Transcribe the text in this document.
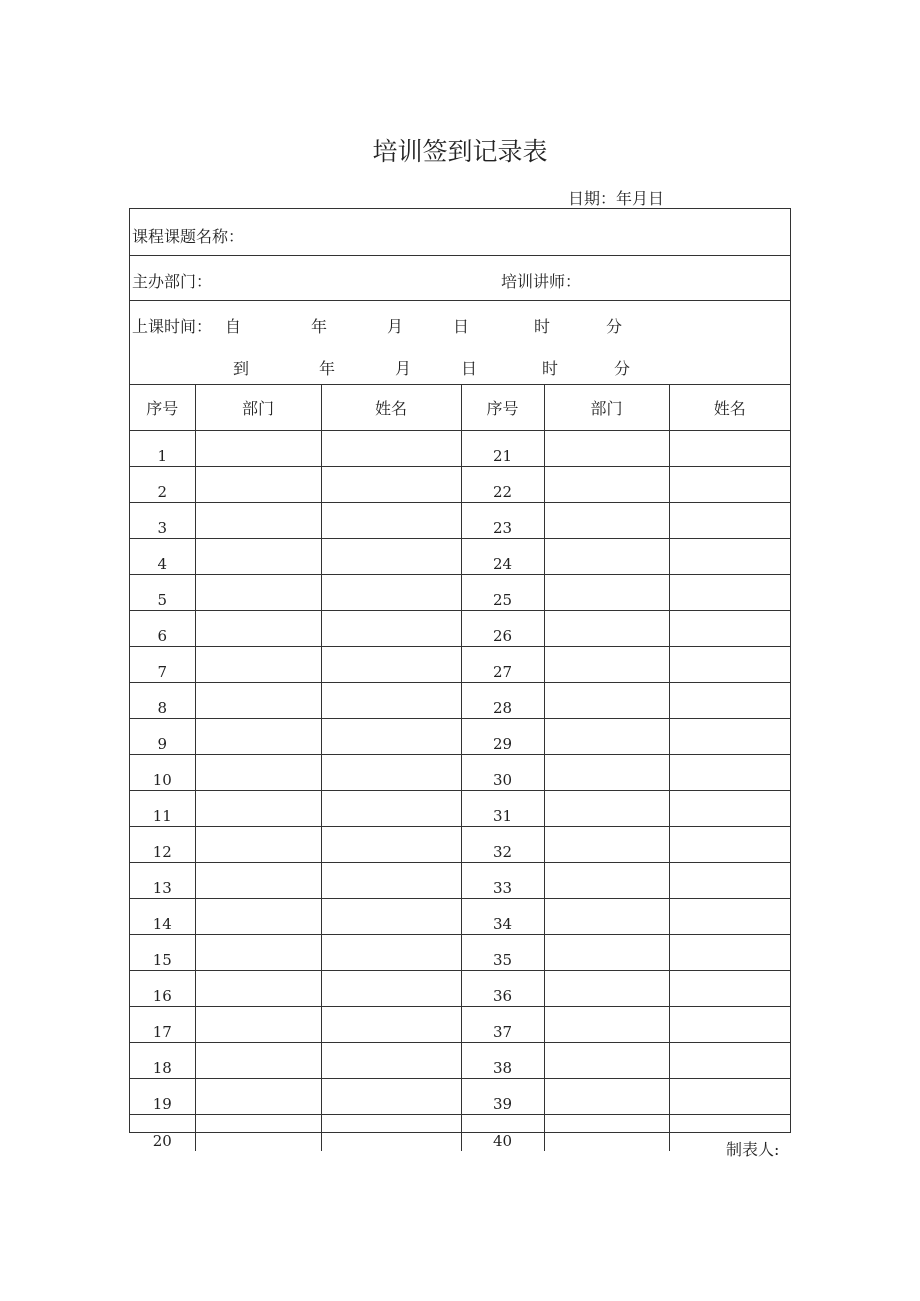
培训签到记录表
日期：年月日
课程课题名称：
主办部门：	培训讲师：
上课时间： 自	年	月	日	时	分
到	年	月	日	时	分
序号	部门	姓名	序号	部门	姓名
1			21		
2			22		
3			23		
4			24		
5			25		
6			26		
7			27		
8			28		
9			29		
10			30		
11			31		
12			32		
13			33		
14			34		
15			35		
16			36		
17			37		
18			38		
19			39		
20			40			制表人:
